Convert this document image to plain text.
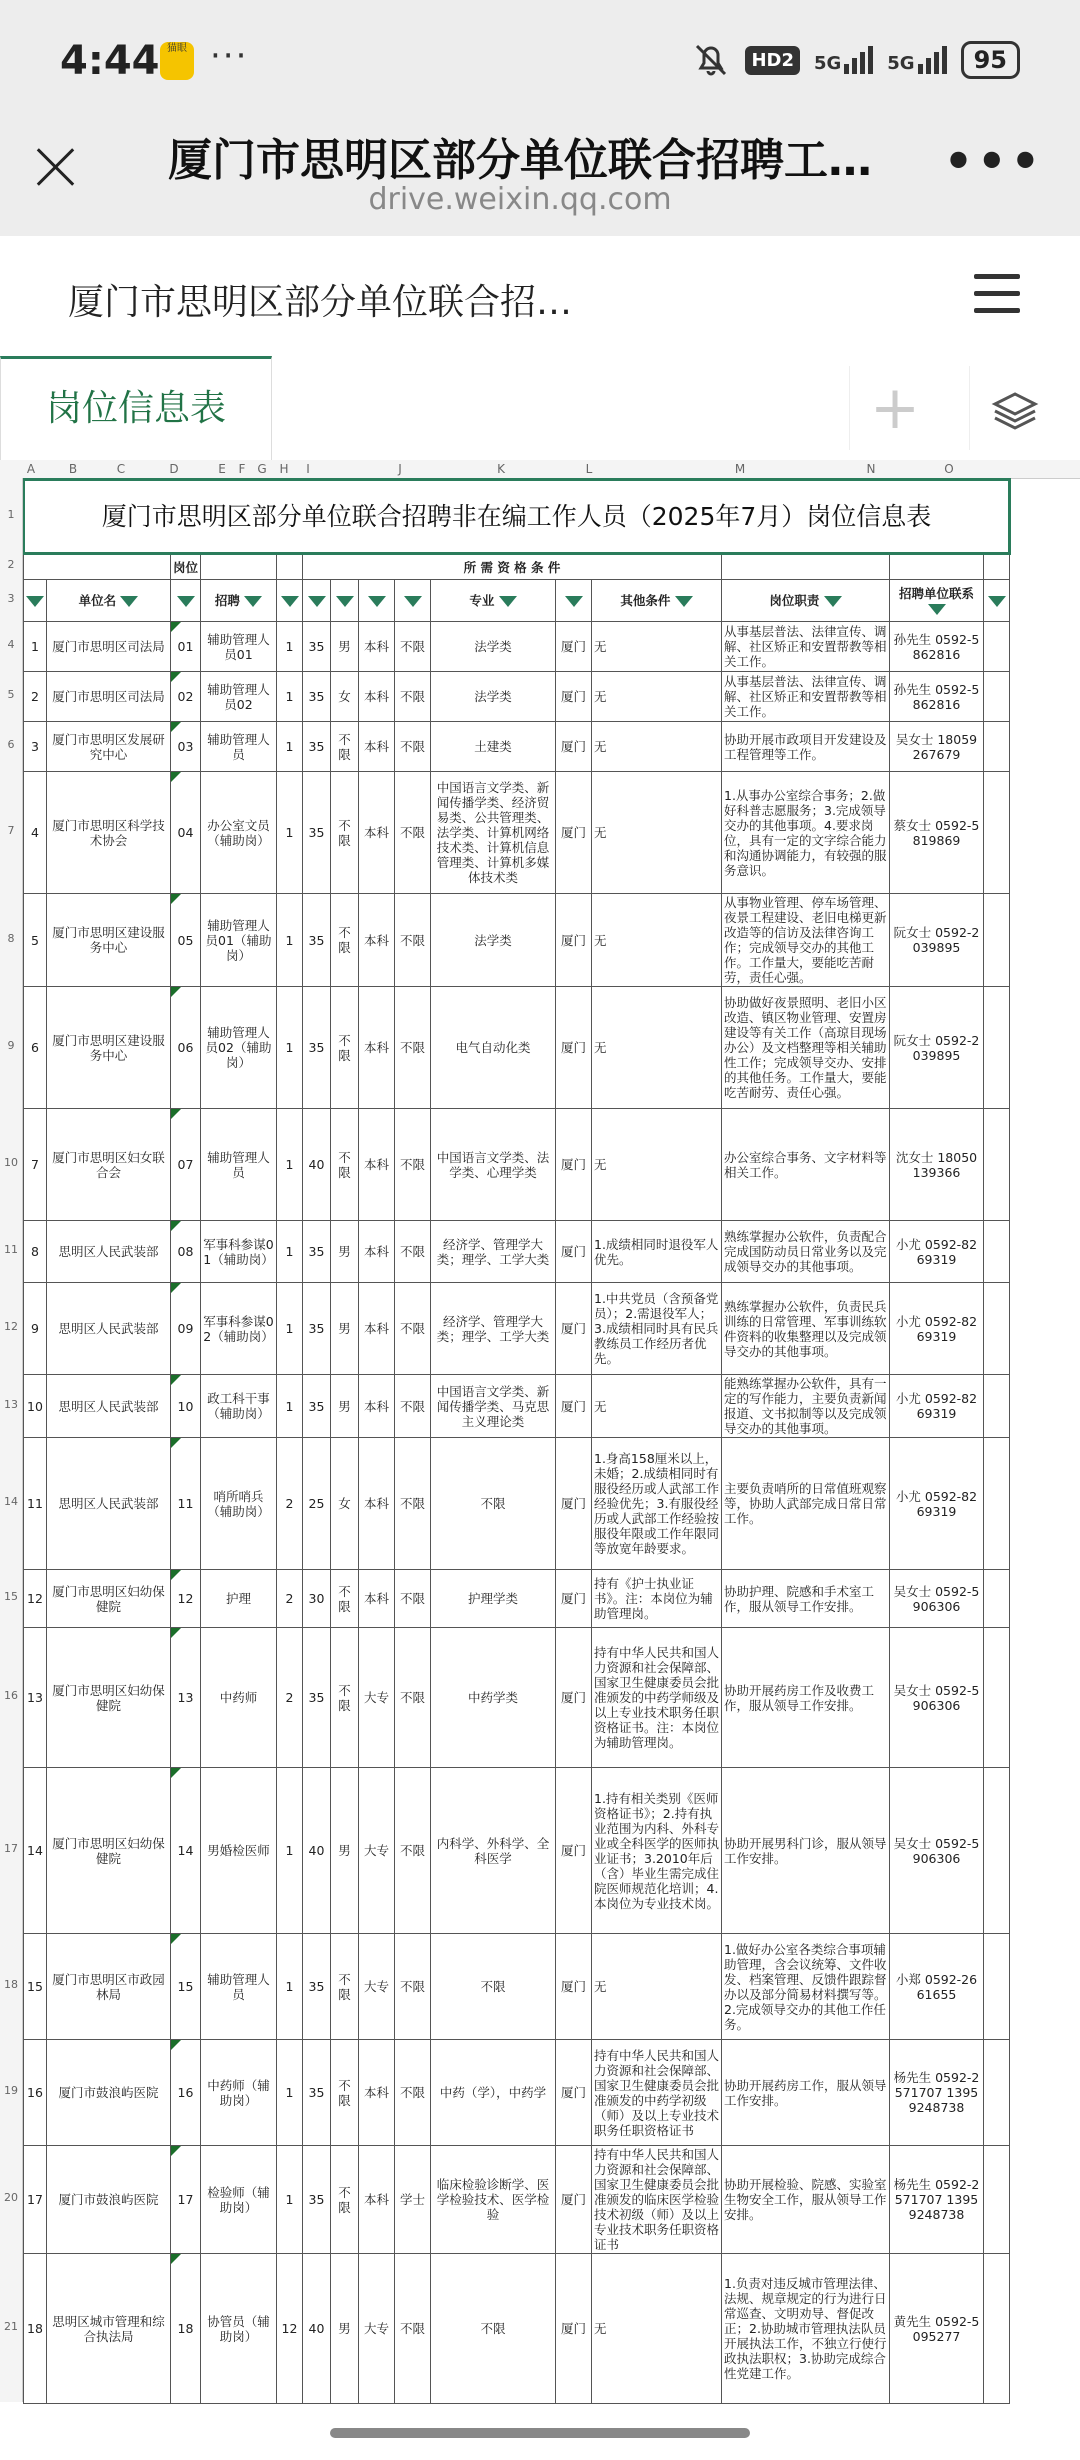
4:44 猫眼 ···	HD2	5G	5G	95
厦门市思明区部分单位联合招聘工…
drive.weixin.qq.com
•••
厦门市思明区部分单位联合招…
岗位信息表	+
A	B	C	D	E	F G	H	I	J	K	L	M	N	O
厦门市思明区部分单位联合招聘非在编工作人员（2025年7月）岗位信息表														
		岗位			所 需 资 格 条 件									
	单位名		招聘						专业		其他条件	岗位职责	招聘单位联系	
1	厦门市思明区司法局	01	辅助管理人员01	1	35	男	本科	不限	法学类	厦门	无	从事基层普法、法律宣传、调解、社区矫正和安置帮教等相关工作。	孙先生 0592-5862816	
2	厦门市思明区司法局	02	辅助管理人员02	1	35	女	本科	不限	法学类	厦门	无	从事基层普法、法律宣传、调解、社区矫正和安置帮教等相关工作。	孙先生 0592-5862816	
3	厦门市思明区发展研究中心	03	辅助管理人员	1	35	不限	本科	不限	土建类	厦门	无	协助开展市政项目开发建设及工程管理等工作。	吴女士 18059267679	
4	厦门市思明区科学技术协会	04	办公室文员（辅助岗）	1	35	不限	本科	不限	中国语言文学类、新闻传播学类、经济贸易类、公共管理类、法学类、计算机网络技术类、计算机信息管理类、计算机多媒体技术类	厦门	无	1.从事办公室综合事务；2.做好科普志愿服务；3.完成领导交办的其他事项。4.要求岗位，具有一定的文字综合能力和沟通协调能力，有较强的服务意识。	蔡女士 0592-5819869	
5	厦门市思明区建设服务中心	05	辅助管理人员01（辅助岗）	1	35	不限	本科	不限	法学类	厦门	无	从事物业管理、停车场管理、夜景工程建设、老旧电梯更新改造等的信访及法律咨询工作；完成领导交办的其他工作。工作量大，要能吃苦耐劳，责任心强。	阮女士 0592-2039895	
6	厦门市思明区建设服务中心	06	辅助管理人员02（辅助岗）	1	35	不限	本科	不限	电气自动化类	厦门	无	协助做好夜景照明、老旧小区改造、镇区物业管理、安置房建设等有关工作（高琼目现场办公）及文档整理等相关辅助性工作；完成领导交办、安排的其他任务。工作量大，要能吃苦耐劳、责任心强。	阮女士 0592-2039895	
7	厦门市思明区妇女联合会	07	辅助管理人员	1	40	不限	本科	不限	中国语言文学类、法学类、心理学类	厦门	无	办公室综合事务、文字材料等相关工作。	沈女士 18050139366	
8	思明区人民武装部	08	军事科参谋01（辅助岗）	1	35	男	本科	不限	经济学、管理学大类；理学、工学大类	厦门	1.成绩相同时退役军人优先。	熟练掌握办公软件，负责配合完成国防动员日常业务以及完成领导交办的其他事项。	小尤 0592-8269319	
9	思明区人民武装部	09	军事科参谋02（辅助岗）	1	35	男	本科	不限	经济学、管理学大类；理学、工学大类	厦门	1.中共党员（含预备党员）；2.需退役军人；3.成绩相同时具有民兵教练员工作经历者优先。	熟练掌握办公软件，负责民兵训练的日常管理、军事训练软件资料的收集整理以及完成领导交办的其他事项。	小尤 0592-8269319	
10	思明区人民武装部	10	政工科干事（辅助岗）	1	35	男	本科	不限	中国语言文学类、新闻传播学类、马克思主义理论类	厦门	无	能熟练掌握办公软件，具有一定的写作能力，主要负责新闻报道、文书拟制等以及完成领导交办的其他事项。	小尤 0592-8269319	
11	思明区人民武装部	11	哨所哨兵（辅助岗）	2	25	女	本科	不限	不限	厦门	1.身高158厘米以上，未婚；2.成绩相同时有服役经历或人武部工作经验优先；3.有服役经历或人武部工作经验按服役年限或工作年限同等放宽年龄要求。	主要负责哨所的日常值班观察等，协助人武部完成日常日常工作。	小尤 0592-8269319	
12	厦门市思明区妇幼保健院	12	护理	2	30	不限	本科	不限	护理学类	厦门	持有《护士执业证书》。注：本岗位为辅助管理岗。	协助护理、院感和手术室工作，服从领导工作安排。	吴女士 0592-5906306	
13	厦门市思明区妇幼保健院	13	中药师	2	35	不限	大专	不限	中药学类	厦门	持有中华人民共和国人力资源和社会保障部、国家卫生健康委员会批准颁发的中药学师级及以上专业技术职务任职资格证书。注：本岗位为辅助管理岗。	协助开展药房工作及收费工作，服从领导工作安排。	吴女士 0592-5906306	
14	厦门市思明区妇幼保健院	14	男婚检医师	1	40	男	大专	不限	内科学、外科学、全科医学	厦门	1.持有相关类别《医师资格证书》；2.持有执业范围为内科、外科专业或全科医学的医师执业证书；3.2010年后（含）毕业生需完成住院医师规范化培训；4.本岗位为专业技术岗。	协助开展男科门诊，服从领导工作安排。	吴女士 0592-5906306	
15	厦门市思明区市政园林局	15	辅助管理人员	1	35	不限	大专	不限	不限	厦门	无	1.做好办公室各类综合事项辅助管理，含会议统筹、文件收发、档案管理、反馈件跟踪督办以及部分简易材料撰写等。2.完成领导交办的其他工作任务。	小郑 0592-2661655	
16	厦门市鼓浪屿医院	16	中药师（辅助岗）	1	35	不限	本科	不限	中药（学），中药学	厦门	持有中华人民共和国人力资源和社会保障部、国家卫生健康委员会批准颁发的中药学初级（师）及以上专业技术职务任职资格证书	协助开展药房工作，服从领导工作安排。	杨先生 0592-2571707 13959248738	
17	厦门市鼓浪屿医院	17	检验师（辅助岗）	1	35	不限	本科	学士	临床检验诊断学、医学检验技术、医学检验	厦门	持有中华人民共和国人力资源和社会保障部、国家卫生健康委员会批准颁发的临床医学检验技术初级（师）及以上专业技术职务任职资格证书	协助开展检验、院感、实验室生物安全工作，服从领导工作安排。	杨先生 0592-2571707 13959248738	
18	思明区城市管理和综合执法局	18	协管员（辅助岗）	12	40	男	大专	不限	不限	厦门	无	1.负责对违反城市管理法律、法规、规章规定的行为进行日常巡查、文明劝导、督促改正；2.协助城市管理执法队员开展执法工作，不独立行使行政执法职权；3.协助完成综合性党建工作。	黄先生 0592-5095277	
1
2
3
4
5
6
7
8
9
10
11
12
13
14
15
16
17
18
19
20
21
